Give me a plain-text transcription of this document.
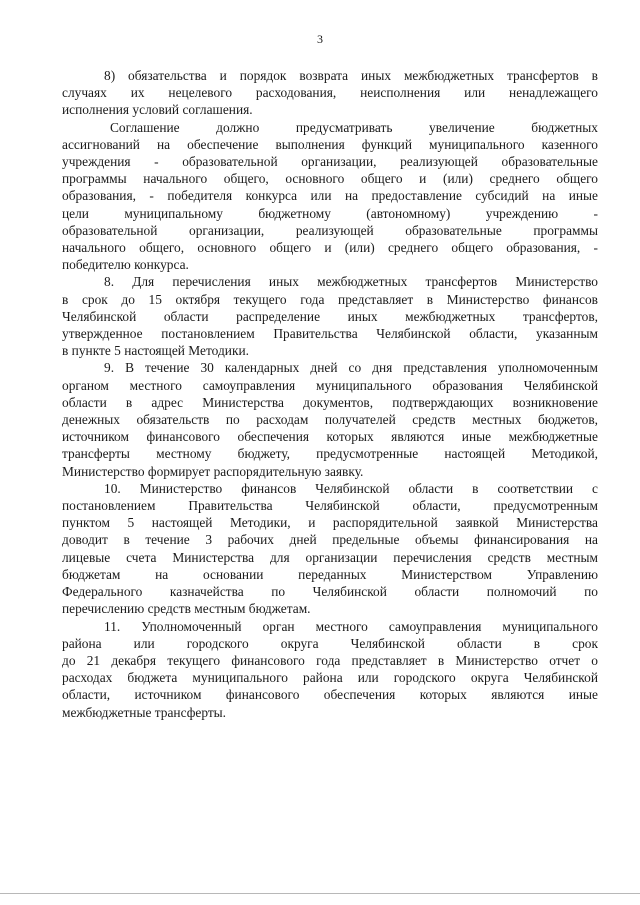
3
8) обязательства и порядок возврата иных межбюджетных трансфертов в
случаях их нецелевого расходования, неисполнения или ненадлежащего
исполнения условий соглашения.
Соглашение должно предусматривать увеличение бюджетных
ассигнований на обеспечение выполнения функций муниципального казенного
учреждения - образовательной организации, реализующей образовательные
программы начального общего, основного общего и (или) среднего общего
образования, - победителя конкурса или на предоставление субсидий на иные
цели муниципальному бюджетному (автономному) учреждению -
образовательной организации, реализующей образовательные программы
начального общего, основного общего и (или) среднего общего образования, -
победителю конкурса.
8. Для перечисления иных межбюджетных трансфертов Министерство
в срок до 15 октября текущего года представляет в Министерство финансов
Челябинской области распределение иных межбюджетных трансфертов,
утвержденное постановлением Правительства Челябинской области, указанным
в пункте 5 настоящей Методики.
9. В течение 30 календарных дней со дня представления уполномоченным
органом местного самоуправления муниципального образования Челябинской
области в адрес Министерства документов, подтверждающих возникновение
денежных обязательств по расходам получателей средств местных бюджетов,
источником финансового обеспечения которых являются иные межбюджетные
трансферты местному бюджету, предусмотренные настоящей Методикой,
Министерство формирует распорядительную заявку.
10. Министерство финансов Челябинской области в соответствии с
постановлением Правительства Челябинской области, предусмотренным
пунктом 5 настоящей Методики, и распорядительной заявкой Министерства
доводит в течение 3 рабочих дней предельные объемы финансирования на
лицевые счета Министерства для организации перечисления средств местным
бюджетам на основании переданных Министерством Управлению
Федерального казначейства по Челябинской области полномочий по
перечислению средств местным бюджетам.
11. Уполномоченный орган местного самоуправления муниципального
района или городского округа Челябинской области в срок
до 21 декабря текущего финансового года представляет в Министерство отчет о
расходах бюджета муниципального района или городского округа Челябинской
области, источником финансового обеспечения которых являются иные
межбюджетные трансферты.
